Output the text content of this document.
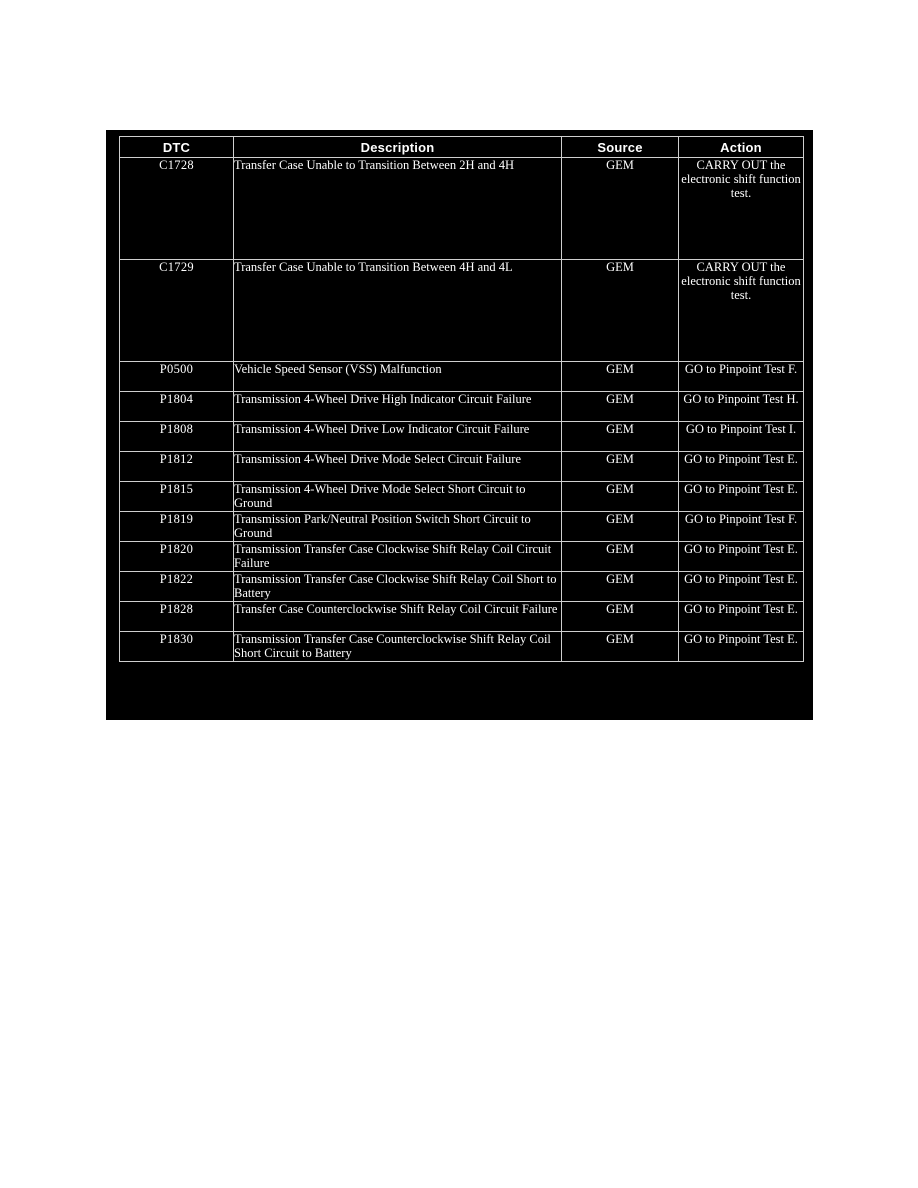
DTC	Description	Source	Action
C1728	Transfer Case Unable to Transition Between 2H and 4H	GEM	CARRY OUT the electronic shift function test.
C1729	Transfer Case Unable to Transition Between 4H and 4L	GEM	CARRY OUT the electronic shift function test.
P0500	Vehicle Speed Sensor (VSS) Malfunction	GEM	GO to Pinpoint Test F.
P1804	Transmission 4-Wheel Drive High Indicator Circuit Failure	GEM	GO to Pinpoint Test H.
P1808	Transmission 4-Wheel Drive Low Indicator Circuit Failure	GEM	GO to Pinpoint Test I.
P1812	Transmission 4-Wheel Drive Mode Select Circuit Failure	GEM	GO to Pinpoint Test E.
P1815	Transmission 4-Wheel Drive Mode Select Short Circuit to Ground	GEM	GO to Pinpoint Test E.
P1819	Transmission Park/Neutral Position Switch Short Circuit to Ground	GEM	GO to Pinpoint Test F.
P1820	Transmission Transfer Case Clockwise Shift Relay Coil Circuit Failure	GEM	GO to Pinpoint Test E.
P1822	Transmission Transfer Case Clockwise Shift Relay Coil Short to Battery	GEM	GO to Pinpoint Test E.
P1828	Transfer Case Counterclockwise Shift Relay Coil Circuit Failure	GEM	GO to Pinpoint Test E.
P1830	Transmission Transfer Case Counterclockwise Shift Relay Coil Short Circuit to Battery	GEM	GO to Pinpoint Test E.
